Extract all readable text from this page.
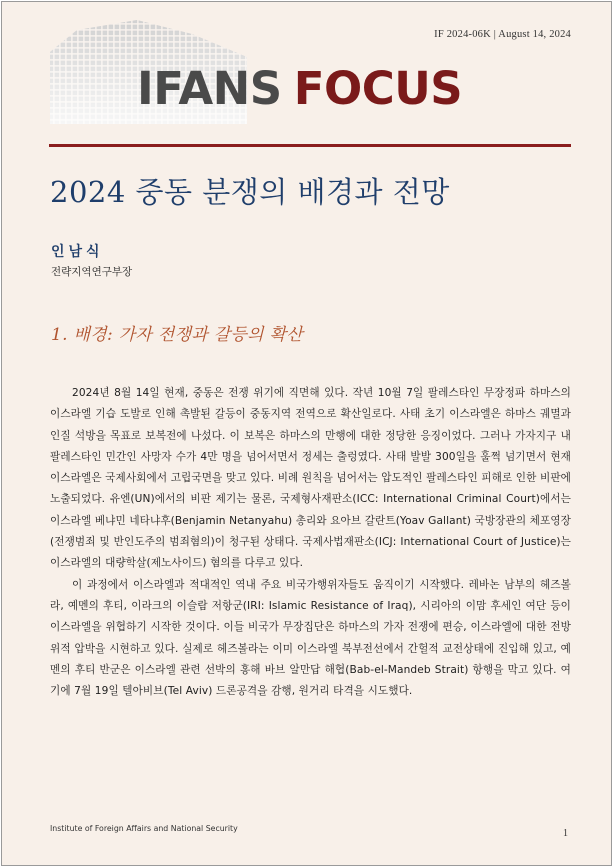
IF 2024-06K | August 14, 2024
IFANS FOCUS
2024 중동 분쟁의 배경과 전망
인남식
전략지역연구부장
1. 배경: 가자 전쟁과 갈등의 확산

2024년 8월 14일 현재, 중동은 전쟁 위기에 직면해 있다. 작년 10월 7일 팔레스타인 무장정파 하마스의 이스라엘 기습 도발로 인해 촉발된 갈등이 중동지역 전역으로 확산일로다. 사태 초기 이스라엘은 하마스 궤멸과 인질 석방을 목표로 보복전에 나섰다. 이 보복은 하마스의 만행에 대한 정당한 응징이었다. 그러나 가자지구 내 팔레스타인 민간인 사망자 수가 4만 명을 넘어서면서 정세는 출렁였다. 사태 발발 300일을 훌쩍 넘기면서 현재 이스라엘은 국제사회에서 고립국면을 맞고 있다. 비례 원칙을 넘어서는 압도적인 팔레스타인 피해로 인한 비판에 노출되었다. 유엔(UN)에서의 비판 제기는 물론, 국제형사재판소(ICC: International Criminal Court)에서는 이스라엘 베냐민 네타냐후(Benjamin Netanyahu) 총리와 요아브 갈란트(Yoav Gallant) 국방장관의 체포영장(전쟁범죄 및 반인도주의 범죄혐의)이 청구된 상태다. 국제사법재판소(ICJ: International Court of Justice)는 이스라엘의 대량학살(제노사이드) 혐의를 다루고 있다.

이 과정에서 이스라엘과 적대적인 역내 주요 비국가행위자들도 움직이기 시작했다. 레바논 남부의 헤즈볼라, 예멘의 후티, 이라크의 이슬람 저항군(IRI: Islamic Resistance of Iraq), 시리아의 이맘 후세인 여단 등이 이스라엘을 위협하기 시작한 것이다. 이들 비국가 무장집단은 하마스의 가자 전쟁에 편승, 이스라엘에 대한 전방위적 압박을 시현하고 있다. 실제로 헤즈볼라는 이미 이스라엘 북부전선에서 간헐적 교전상태에 진입해 있고, 예멘의 후티 반군은 이스라엘 관련 선박의 홍해 바브 알만답 해협(Bab-el-Mandeb Strait) 항행을 막고 있다. 여기에 7월 19일 텔아비브(Tel Aviv) 드론공격을 감행, 원거리 타격을 시도했다.

Institute of Foreign Affairs and National Security	1
